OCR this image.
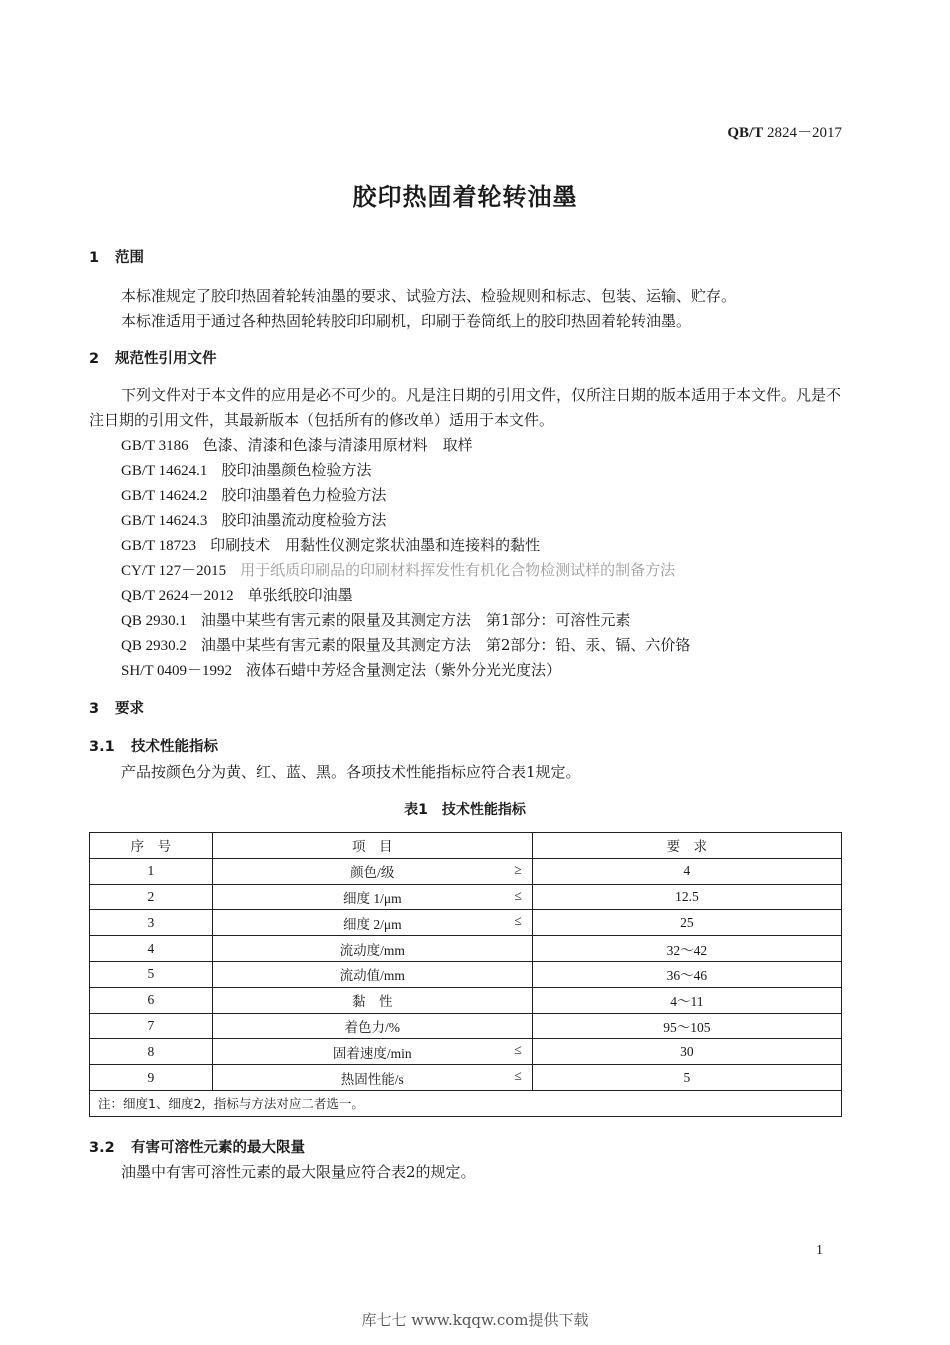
QB/T 2824－2017
胶印热固着轮转油墨
1 范围
本标准规定了胶印热固着轮转油墨的要求、试验方法、检验规则和标志、包装、运输、贮存。
本标准适用于通过各种热固轮转胶印印刷机，印刷于卷筒纸上的胶印热固着轮转油墨。
2 规范性引用文件
下列文件对于本文件的应用是必不可少的。凡是注日期的引用文件，仅所注日期的版本适用于本文件。凡是不注日期的引用文件，其最新版本（包括所有的修改单）适用于本文件。
GB/T 3186 色漆、清漆和色漆与清漆用原材料　取样
GB/T 14624.1 胶印油墨颜色检验方法
GB/T 14624.2 胶印油墨着色力检验方法
GB/T 14624.3 胶印油墨流动度检验方法
GB/T 18723 印刷技术　用黏性仪测定浆状油墨和连接料的黏性
CY/T 127－2015 用于纸质印刷品的印刷材料挥发性有机化合物检测试样的制备方法
QB/T 2624－2012 单张纸胶印油墨
QB 2930.1 油墨中某些有害元素的限量及其测定方法　第1部分：可溶性元素
QB 2930.2 油墨中某些有害元素的限量及其测定方法　第2部分：铅、汞、镉、六价铬
SH/T 0409－1992 液体石蜡中芳烃含量测定法（紫外分光光度法）
3 要求
3.1 技术性能指标
产品按颜色分为黄、红、蓝、黑。各项技术性能指标应符合表1规定。
表1　技术性能指标
序　号	项　目	要　求
1	颜色/级 ≥	4
2	细度 1/μm ≤	12.5
3	细度 2/μm ≤	25
4	流动度/mm	32～42
5	流动值/mm	36～46
6	黏　性	4～11
7	着色力/%	95～105
8	固着速度/min ≤	30
9	热固性能/s ≤	5
注：细度1、细度2，指标与方法对应二者选一。		
3.2 有害可溶性元素的最大限量
油墨中有害可溶性元素的最大限量应符合表2的规定。
1
库七七 www.kqqw.com提供下载
